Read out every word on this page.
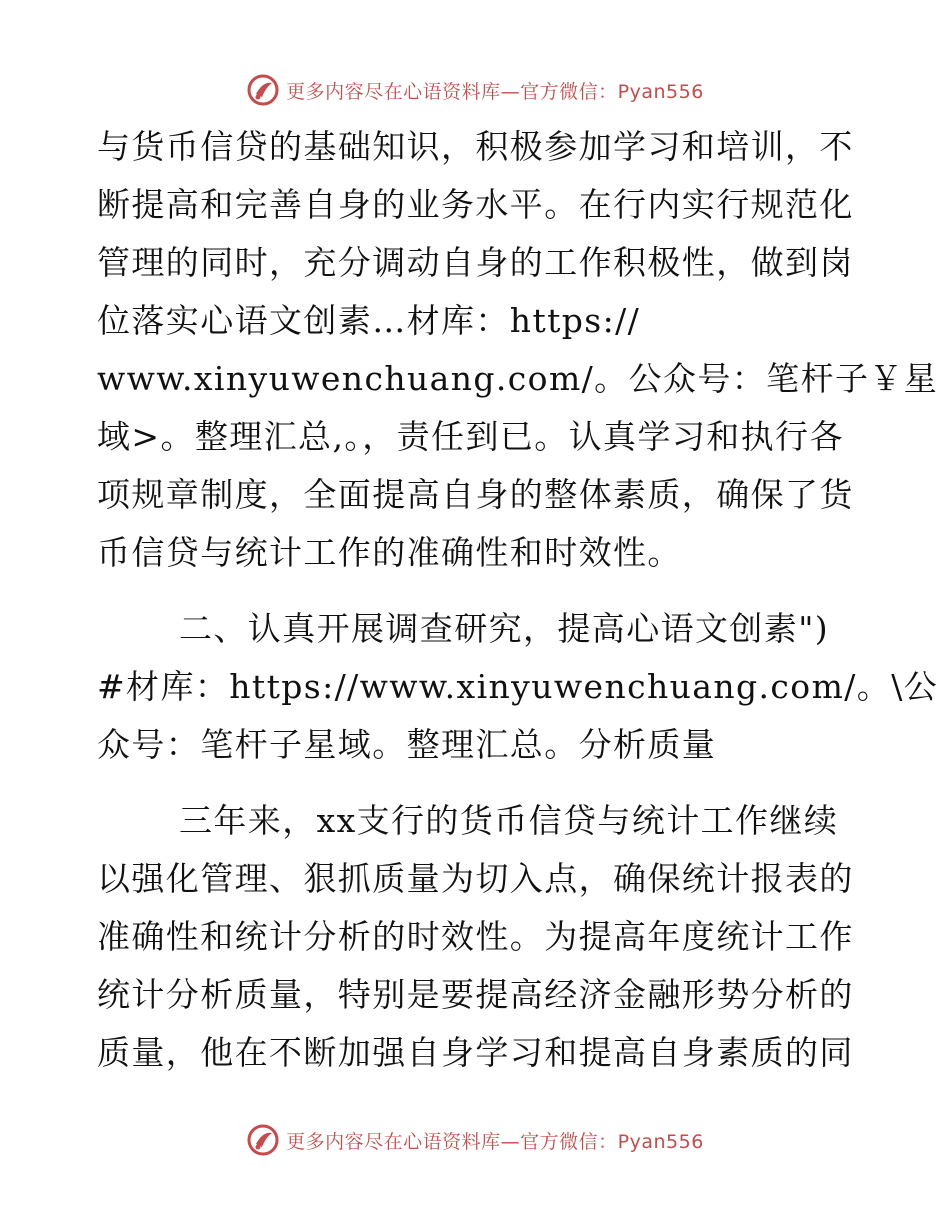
更多内容尽在心语资料库—官方微信：Pyan556
与货币信贷的基础知识，积极参加学习和培训，不
断提高和完善自身的业务水平。在行内实行规范化
管理的同时，充分调动自身的工作积极性，做到岗
位落实心语文创素…材库：https://
www.xinyuwenchuang.com/。公众号：笔杆子￥星
域>。整理汇总,。，责任到已。认真学习和执行各
项规章制度，全面提高自身的整体素质，确保了货
币信贷与统计工作的准确性和时效性。
二、认真开展调查研究，提高心语文创素")
#材库：https://www.xinyuwenchuang.com/。\公
众号：笔杆子星域。整理汇总。分析质量
三年来，xx支行的货币信贷与统计工作继续
以强化管理、狠抓质量为切入点，确保统计报表的
准确性和统计分析的时效性。为提高年度统计工作
统计分析质量，特别是要提高经济金融形势分析的
质量，他在不断加强自身学习和提高自身素质的同
更多内容尽在心语资料库—官方微信：Pyan556
